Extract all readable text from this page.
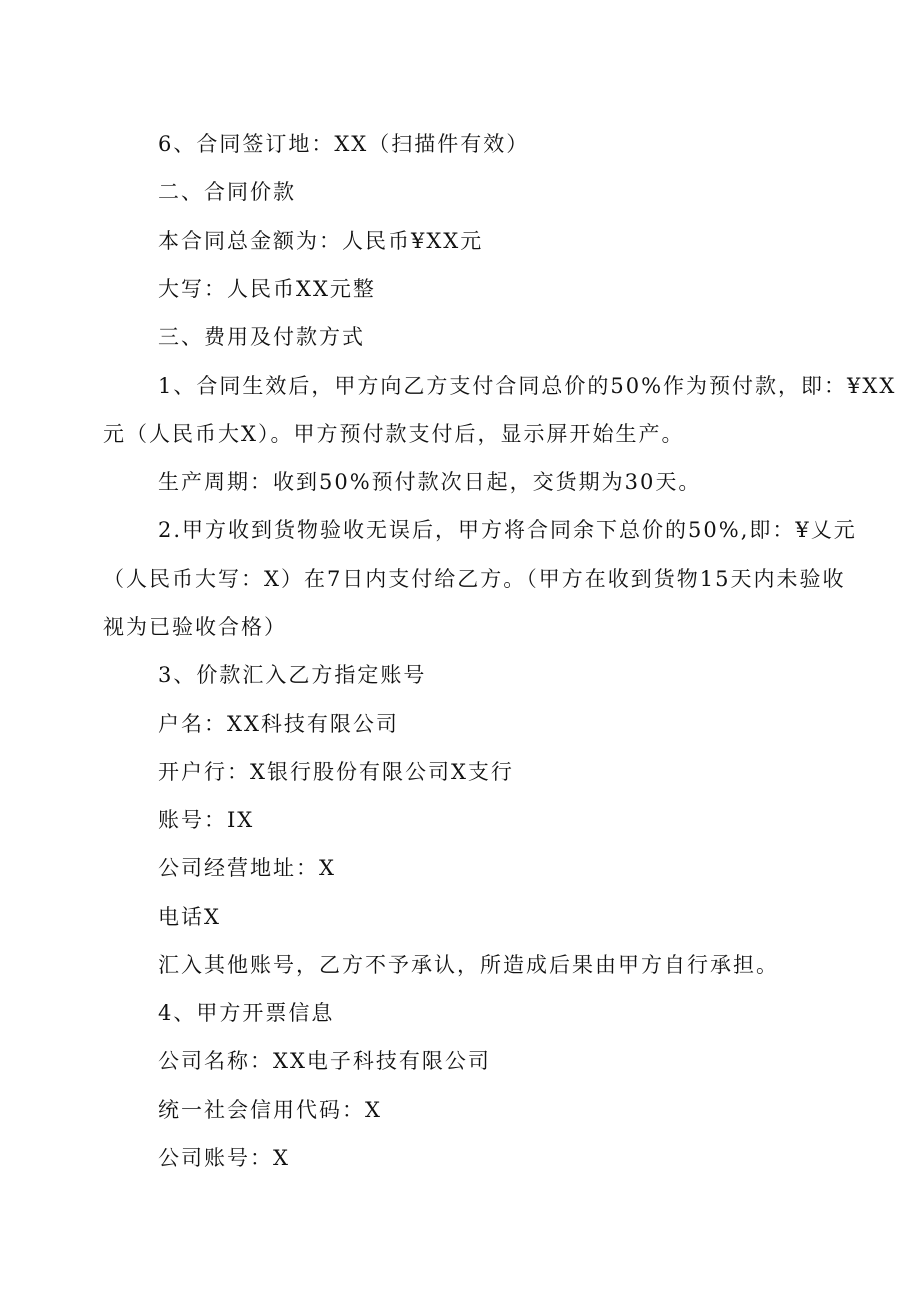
6、合同签订地：XX（扫描件有效）
二、合同价款
本合同总金额为：人民币¥XX元
大写：人民币XX元整
三、费用及付款方式
1、合同生效后，甲方向乙方支付合同总价的50%作为预付款，即：¥XX
元（人民币大X）。甲方预付款支付后，显示屏开始生产。
生产周期：收到50%预付款次日起，交货期为30天。
2.甲方收到货物验收无误后，甲方将合同余下总价的50%,即：¥乂元
（人民币大写：X）在7日内支付给乙方。（甲方在收到货物15天内未验收
视为已验收合格）
3、价款汇入乙方指定账号
户名：XX科技有限公司
开户行：X银行股份有限公司X支行
账号：IX
公司经营地址：X
电话X
汇入其他账号，乙方不予承认，所造成后果由甲方自行承担。
4、甲方开票信息
公司名称：XX电子科技有限公司
统一社会信用代码：X
公司账号：X
